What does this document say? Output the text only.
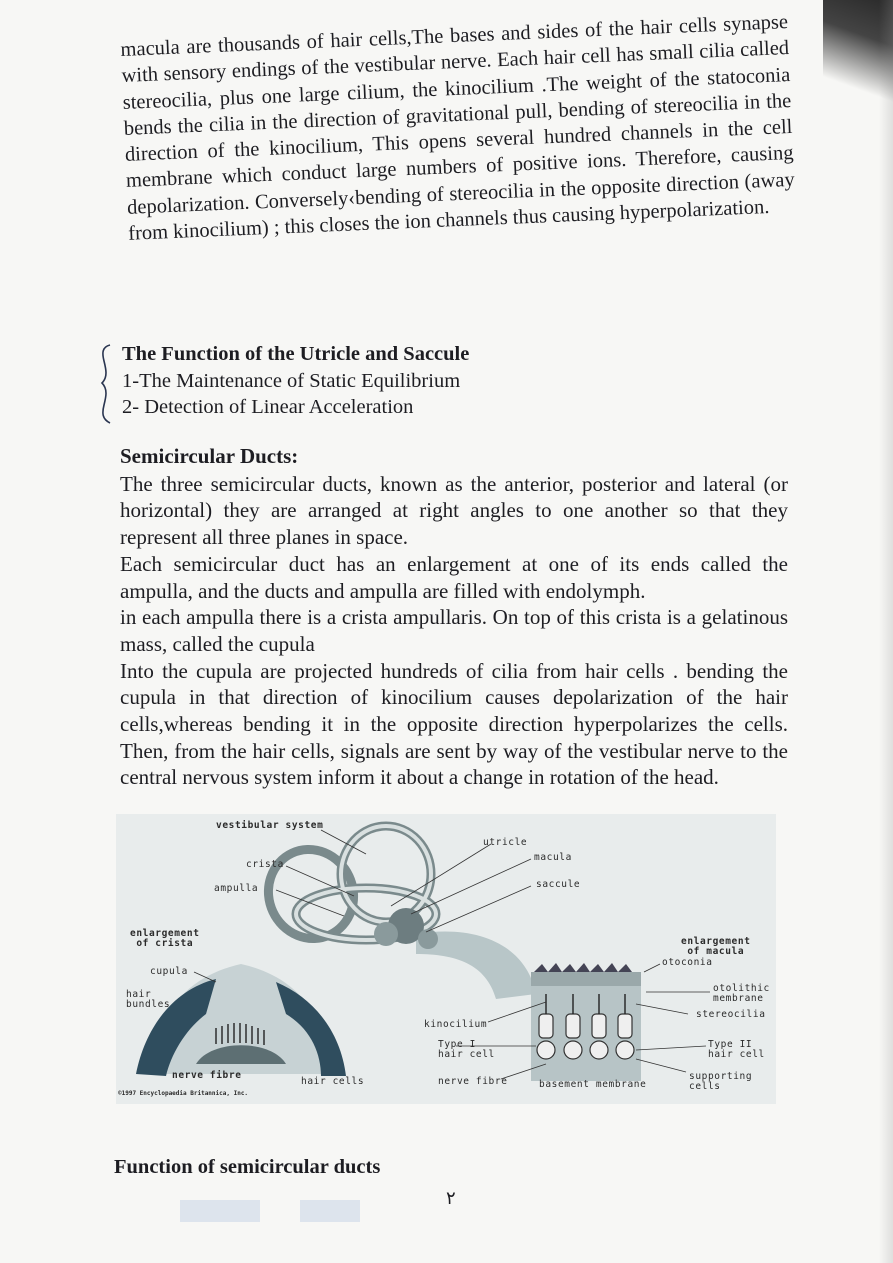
macula are thousands of hair cells,The bases and sides of the hair cells synapse with sensory endings of the vestibular nerve. Each hair cell has small cilia called stereocilia, plus one large cilium, the kinocilium .The weight of the statoconia bends the cilia in the direction of gravitational pull, bending of stereocilia in the direction of the kinocilium, This opens several hundred channels in the cell membrane which conduct large numbers of positive ions. Therefore, causing depolarization. Conversely‹bending of stereocilia in the opposite direction (away from kinocilium) ; this closes the ion channels thus causing hyperpolarization.

The Function of the Utricle and Saccule

1-The Maintenance of Static Equilibrium

2- Detection of Linear Acceleration

Semicircular Ducts:

The three semicircular ducts, known as the anterior, posterior and lateral (or horizontal) they are arranged at right angles to one another so that they represent all three planes in space.

Each semicircular duct has an enlargement at one of its ends called the ampulla, and the ducts and ampulla are filled with endolymph.

in each ampulla there is a crista ampullaris. On top of this crista is a gelatinous mass, called the cupula

Into the cupula are projected hundreds of cilia from hair cells . bending the cupula in that direction of kinocilium causes depolarization of the hair cells,whereas bending it in the opposite direction hyperpolarizes the cells. Then, from the hair cells, signals are sent by way of the vestibular nerve to the central nervous system inform it about a change in rotation of the head.

vestibular system
utricle
macula
crista
ampulla	saccule
enlargement
of crista	enlargement
of macula
otoconia
cupula
hair
bundles
otolithic
membrane
stereocilia
kinocilium
Type I
hair cell
Type II
hair cell
nerve fibre
hair cells	nerve fibre	basement membrane
supporting
cells
©1997 Encyclopaedia Britannica, Inc.

Function of semicircular ducts

٢
